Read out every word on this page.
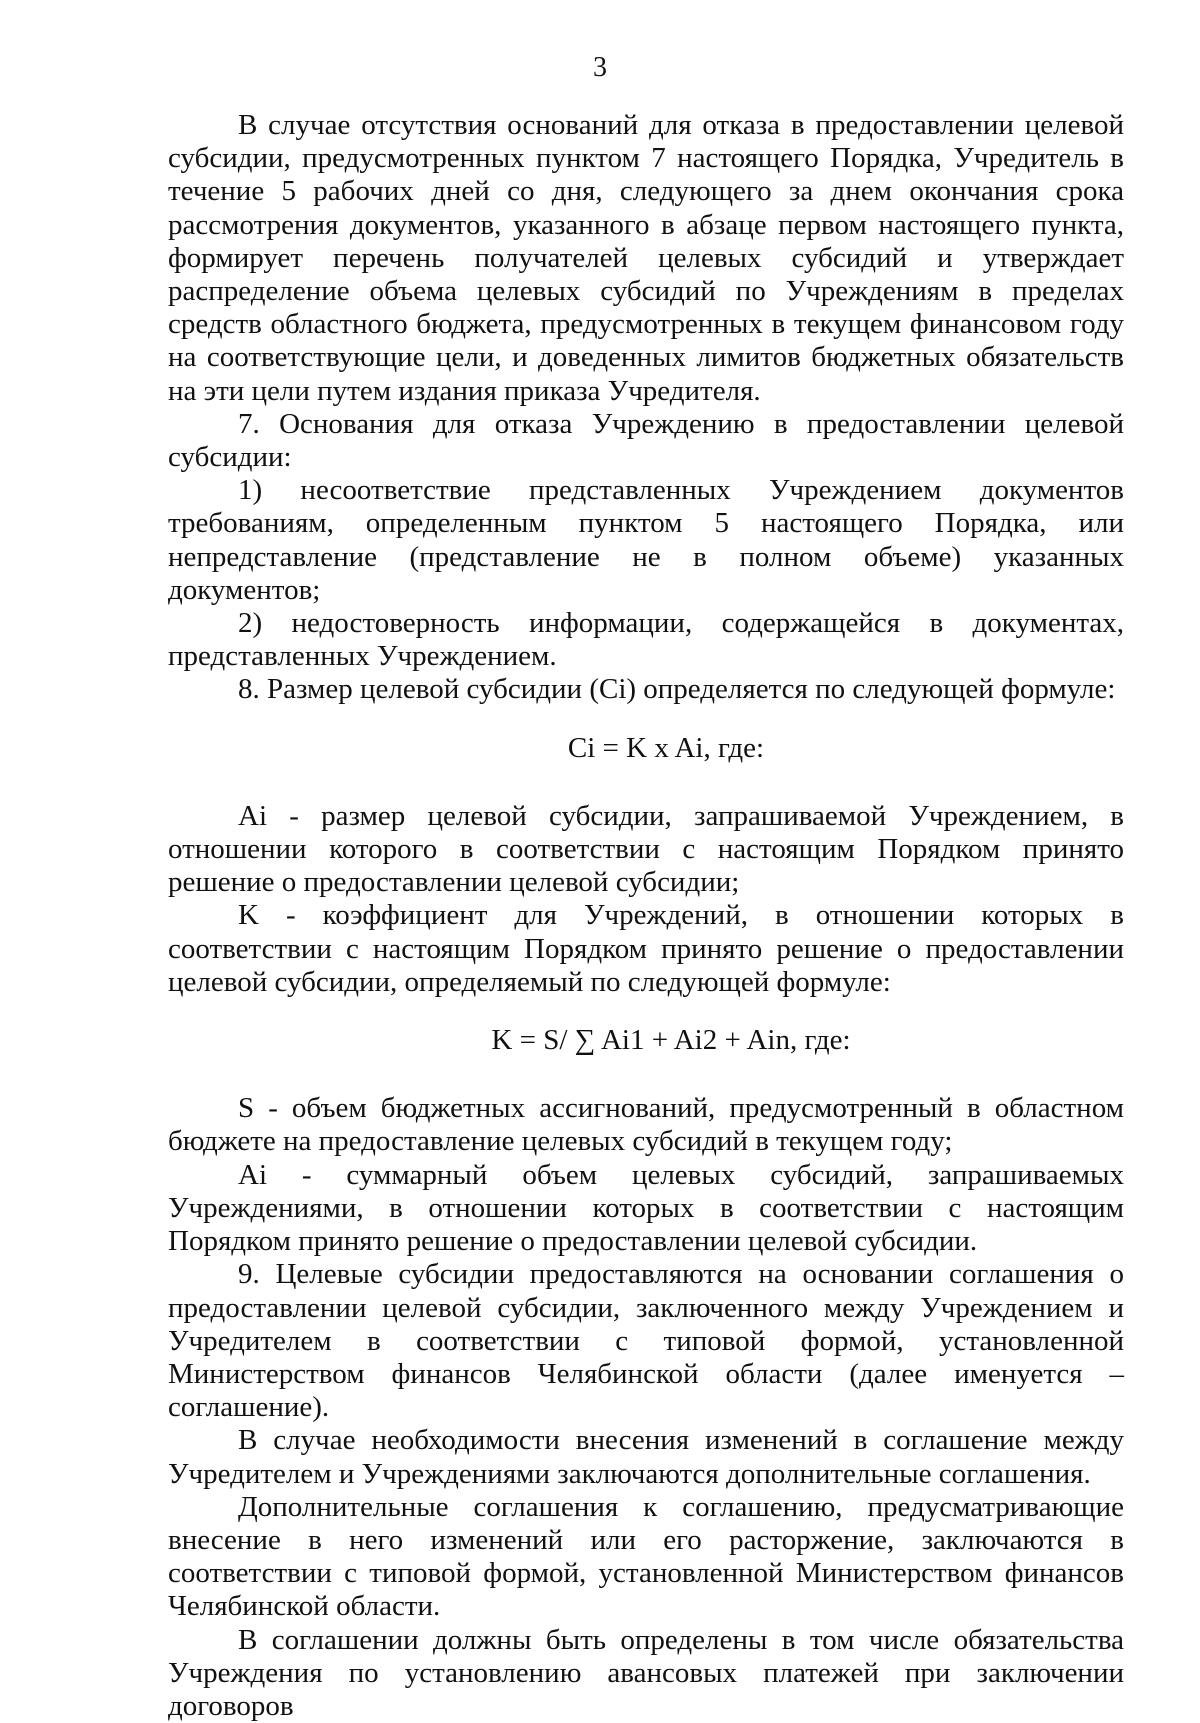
3

В случае отсутствия оснований для отказа в предоставлении целевой субсидии, предусмотренных пунктом 7 настоящего Порядка, Учредитель в течение 5 рабочих дней со дня, следующего за днем окончания срока рассмотрения документов, указанного в абзаце первом настоящего пункта, формирует перечень получателей целевых субсидий и утверждает распределение объема целевых субсидий по Учреждениям в пределах средств областного бюджета, предусмотренных в текущем финансовом году на соответствующие цели, и доведенных лимитов бюджетных обязательств на эти цели путем издания приказа Учредителя.

7. Основания для отказа Учреждению в предоставлении целевой субсидии:

1) несоответствие представленных Учреждением документов требованиям, определенным пунктом 5 настоящего Порядка, или непредставление (представление не в полном объеме) указанных документов;

2) недостоверность информации, содержащейся в документах, представленных Учреждением.

8. Размер целевой субсидии (Ci) определяется по следующей формуле:

Ci = K x Ai, где:

Ai - размер целевой субсидии, запрашиваемой Учреждением, в отношении которого в соответствии с настоящим Порядком принято решение о предоставлении целевой субсидии;

K - коэффициент для Учреждений, в отношении которых в соответствии с настоящим Порядком принято решение о предоставлении целевой субсидии, определяемый по следующей формуле:

K = S/ ∑ Ai1 + Ai2 + Ain, где:

S - объем бюджетных ассигнований, предусмотренный в областном бюджете на предоставление целевых субсидий в текущем году;

Ai - суммарный объем целевых субсидий, запрашиваемых Учреждениями, в отношении которых в соответствии с настоящим Порядком принято решение о предоставлении целевой субсидии.

9. Целевые субсидии предоставляются на основании соглашения о предоставлении целевой субсидии, заключенного между Учреждением и Учредителем в соответствии с типовой формой, установленной Министерством финансов Челябинской области (далее именуется – соглашение).

В случае необходимости внесения изменений в соглашение между Учредителем и Учреждениями заключаются дополнительные соглашения.

Дополнительные соглашения к соглашению, предусматривающие внесение в него изменений или его расторжение, заключаются в соответствии с типовой формой, установленной Министерством финансов Челябинской области.

В соглашении должны быть определены в том числе обязательства Учреждения по установлению авансовых платежей при заключении договоров
